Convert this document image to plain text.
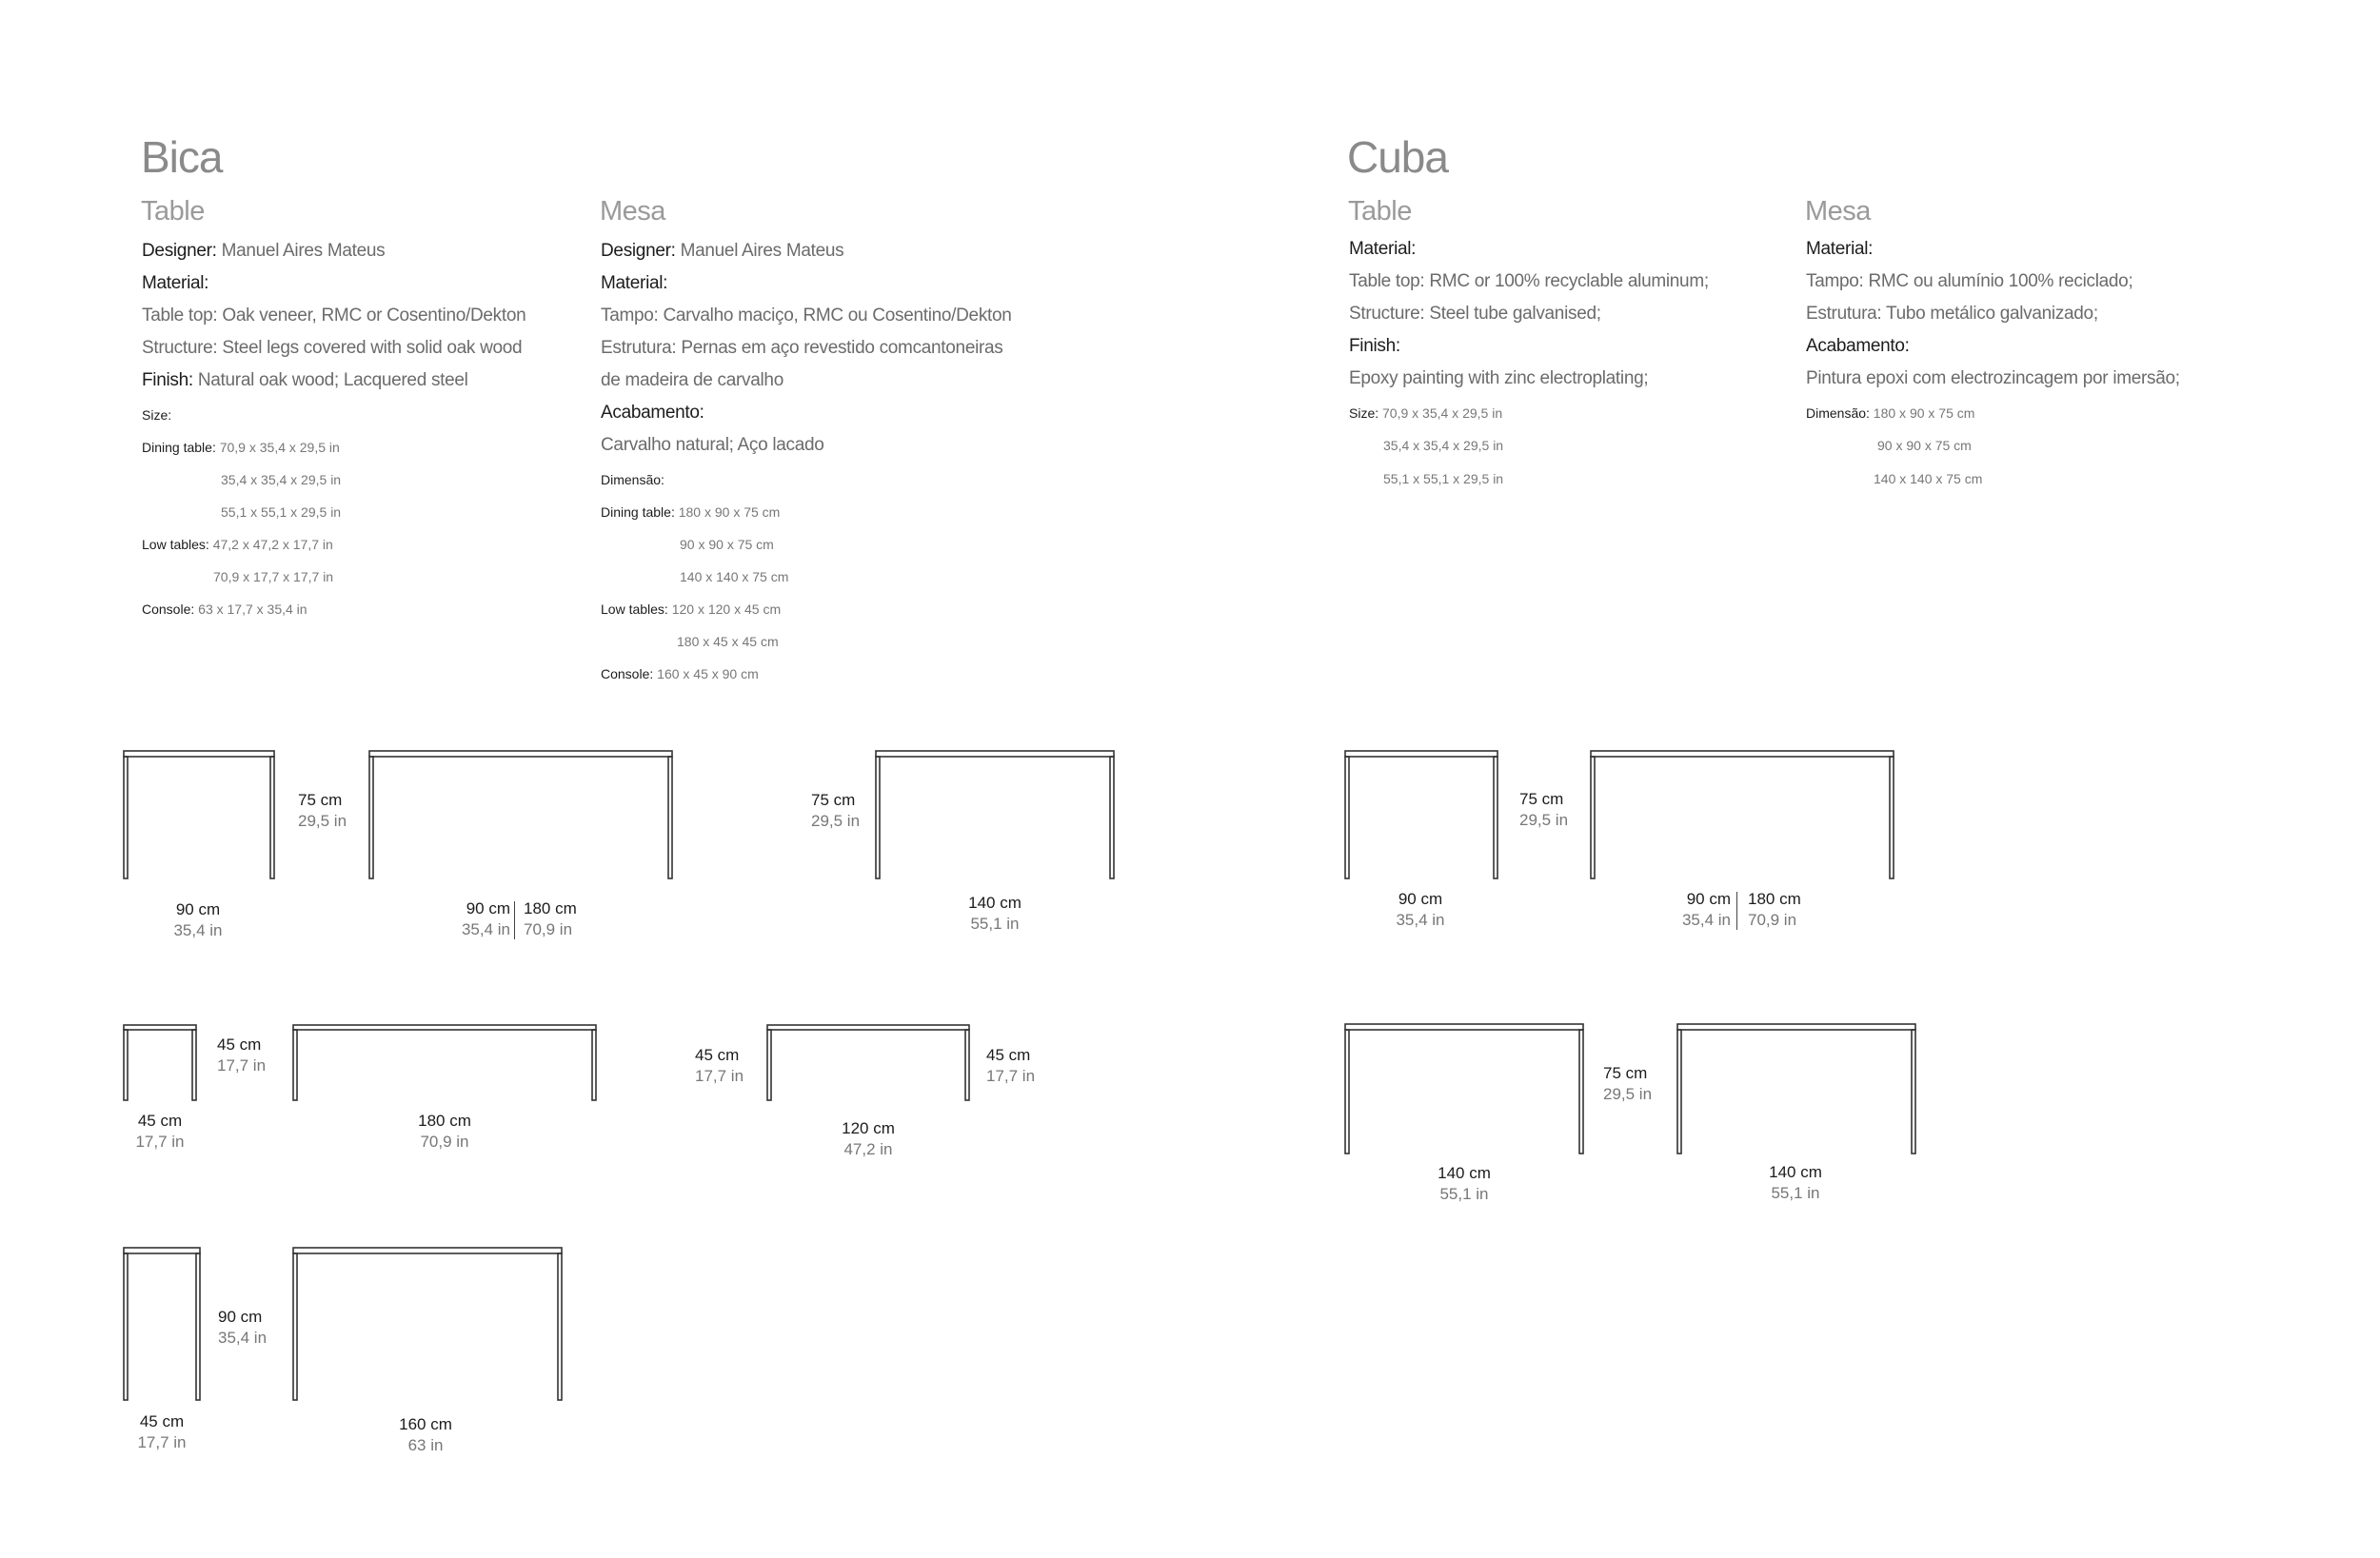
Bica
Table
Designer: Manuel Aires Mateus
Material:
Table top: Oak veneer, RMC or Cosentino/Dekton
Structure: Steel legs covered with solid oak wood
Finish: Natural oak wood; Lacquered steel
Size:
Dining table: 70,9 x 35,4 x 29,5 in
35,4 x 35,4 x 29,5 in
55,1 x 55,1 x 29,5 in
Low tables: 47,2 x 47,2 x 17,7 in
70,9 x 17,7 x 17,7 in
Console: 63 x 17,7 x 35,4 in
Mesa
Designer: Manuel Aires Mateus
Material:
Tampo: Carvalho maciço, RMC ou Cosentino/Dekton
Estrutura: Pernas em aço revestido comcantoneiras
de madeira de carvalho
Acabamento:
Carvalho natural; Aço lacado
Dimensão:
Dining table: 180 x 90 x 75 cm
90 x 90 x 75 cm
140 x 140 x 75 cm
Low tables: 120 x 120 x 45 cm
180 x 45 x 45 cm
Console: 160 x 45 x 90 cm
Cuba
Table
Material:
Table top: RMC or 100% recyclable aluminum;
Structure: Steel tube galvanised;
Finish:
Epoxy painting with zinc electroplating;
Size: 70,9 x 35,4 x 29,5 in
35,4 x 35,4 x 29,5 in
55,1 x 55,1 x 29,5 in
Mesa
Material:
Tampo: RMC ou alumínio 100% reciclado;
Estrutura: Tubo metálico galvanizado;
Acabamento:
Pintura epoxi com electrozincagem por imersão;
Dimensão: 180 x 90 x 75 cm
90 x 90 x 75 cm
140 x 140 x 75 cm
90 cm
35,4 in
75 cm
29,5 in
90 cm
35,4 in
180 cm
70,9 in
75 cm
29,5 in
140 cm
55,1 in
45 cm
17,7 in
45 cm
17,7 in
180 cm
70,9 in
45 cm
17,7 in
45 cm
17,7 in
120 cm
47,2 in
45 cm
17,7 in
90 cm
35,4 in
160 cm
63 in
90 cm
35,4 in
75 cm
29,5 in
90 cm
35,4 in
180 cm
70,9 in
140 cm
55,1 in
75 cm
29,5 in
140 cm
55,1 in
